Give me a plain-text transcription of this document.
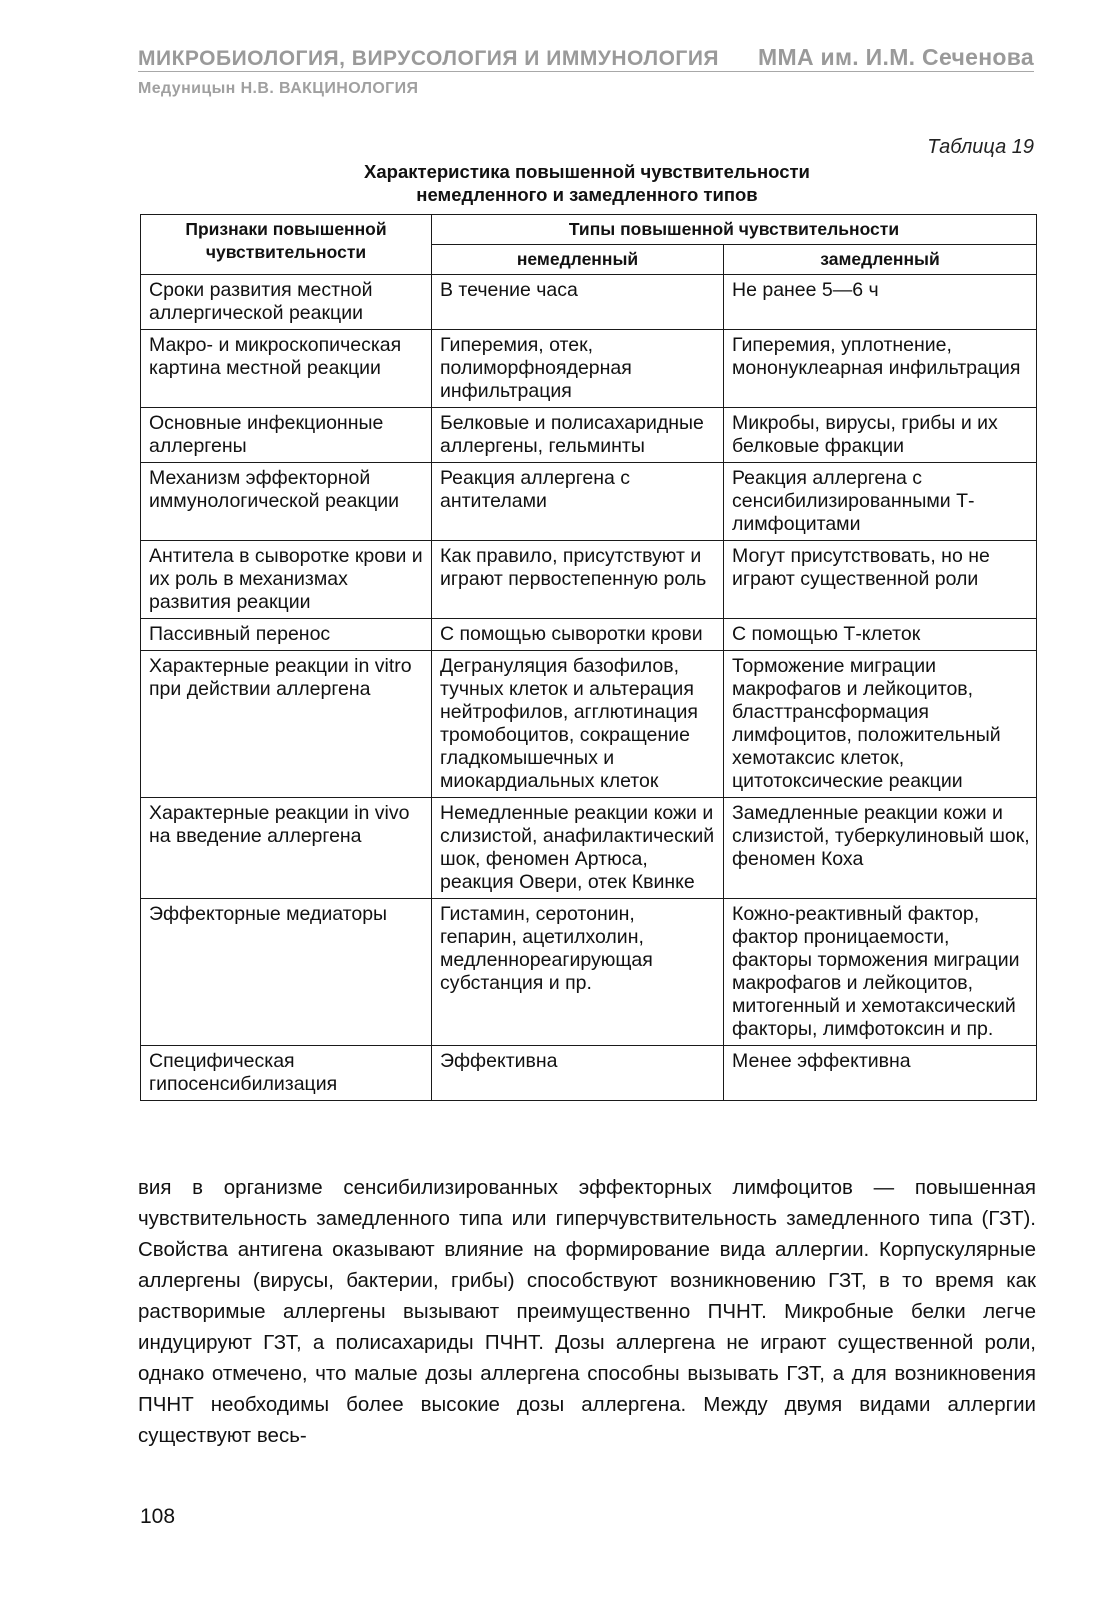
МИКРОБИОЛОГИЯ, ВИРУСОЛОГИЯ И ИММУНОЛОГИЯ ММА им. И.М. Сеченова
Медуницын Н.В. ВАКЦИНОЛОГИЯ
Таблица 19
Характеристика повышенной чувствительности
немедленного и замедленного типов
Признаки повышенной чувствительности	Типы повышенной чувствительности	
	немедленный	замедленный
Сроки развития местной аллергической реакции	В течение часа	Не ранее 5—6 ч
Макро- и микроскопическая картина местной реакции	Гиперемия, отек, полиморфноядерная инфильтрация	Гиперемия, уплотнение, мононуклеарная инфильтрация
Основные инфекционные аллергены	Белковые и полисахаридные аллергены, гельминты	Микробы, вирусы, грибы и их белковые фракции
Механизм эффекторной иммунологической реакции	Реакция аллергена с антителами	Реакция аллергена с сенсибилизированными Т-лимфоцитами
Антитела в сыворотке крови и их роль в механизмах развития реакции	Как правило, присутствуют и играют первостепенную роль	Могут присутствовать, но не играют существенной роли
Пассивный перенос	С помощью сыворотки крови	С помощью Т-клеток
Характерные реакции in vitro при действии аллергена	Дегрануляция базофилов, тучных клеток и альтерация нейтрофилов, агглютинация тромобоцитов, сокращение гладкомышечных и миокардиальных клеток	Торможение миграции макрофагов и лейкоцитов, бласттрансформация лимфоцитов, положительный хемотаксис клеток, цитотоксические реакции
Характерные реакции in vivo на введение аллергена	Немедленные реакции кожи и слизистой, анафилактический шок, феномен Артюса, реакция Овери, отек Квинке	Замедленные реакции кожи и слизистой, туберкулиновый шок, феномен Коха
Эффекторные медиаторы	Гистамин, серотонин, гепарин, ацетилхолин, медленнореагирующая субстанция и пр.	Кожно-реактивный фактор, фактор проницаемости, факторы торможения миграции макрофагов и лейкоцитов, митогенный и хемотаксический факторы, лимфотоксин и пр.
Специфическая гипосенсибилизация	Эффективна	Менее эффективна
вия в организме сенсибилизированных эффекторных лимфоцитов — повышенная чувствительность замедленного типа или гиперчувствительность замедленного типа (ГЗТ). Свойства антигена оказывают влияние на формирование вида аллергии. Корпускулярные аллергены (вирусы, бактерии, грибы) способствуют возникновению ГЗТ, в то время как растворимые аллергены вызывают преимущественно ПЧНТ. Микробные белки легче индуцируют ГЗТ, а полисахариды ПЧНТ. Дозы аллергена не играют существенной роли, однако отмечено, что малые дозы аллергена способны вызывать ГЗТ, а для возникновения ПЧНТ необходимы более высокие дозы аллергена. Между двумя видами аллергии существуют весь-
108
